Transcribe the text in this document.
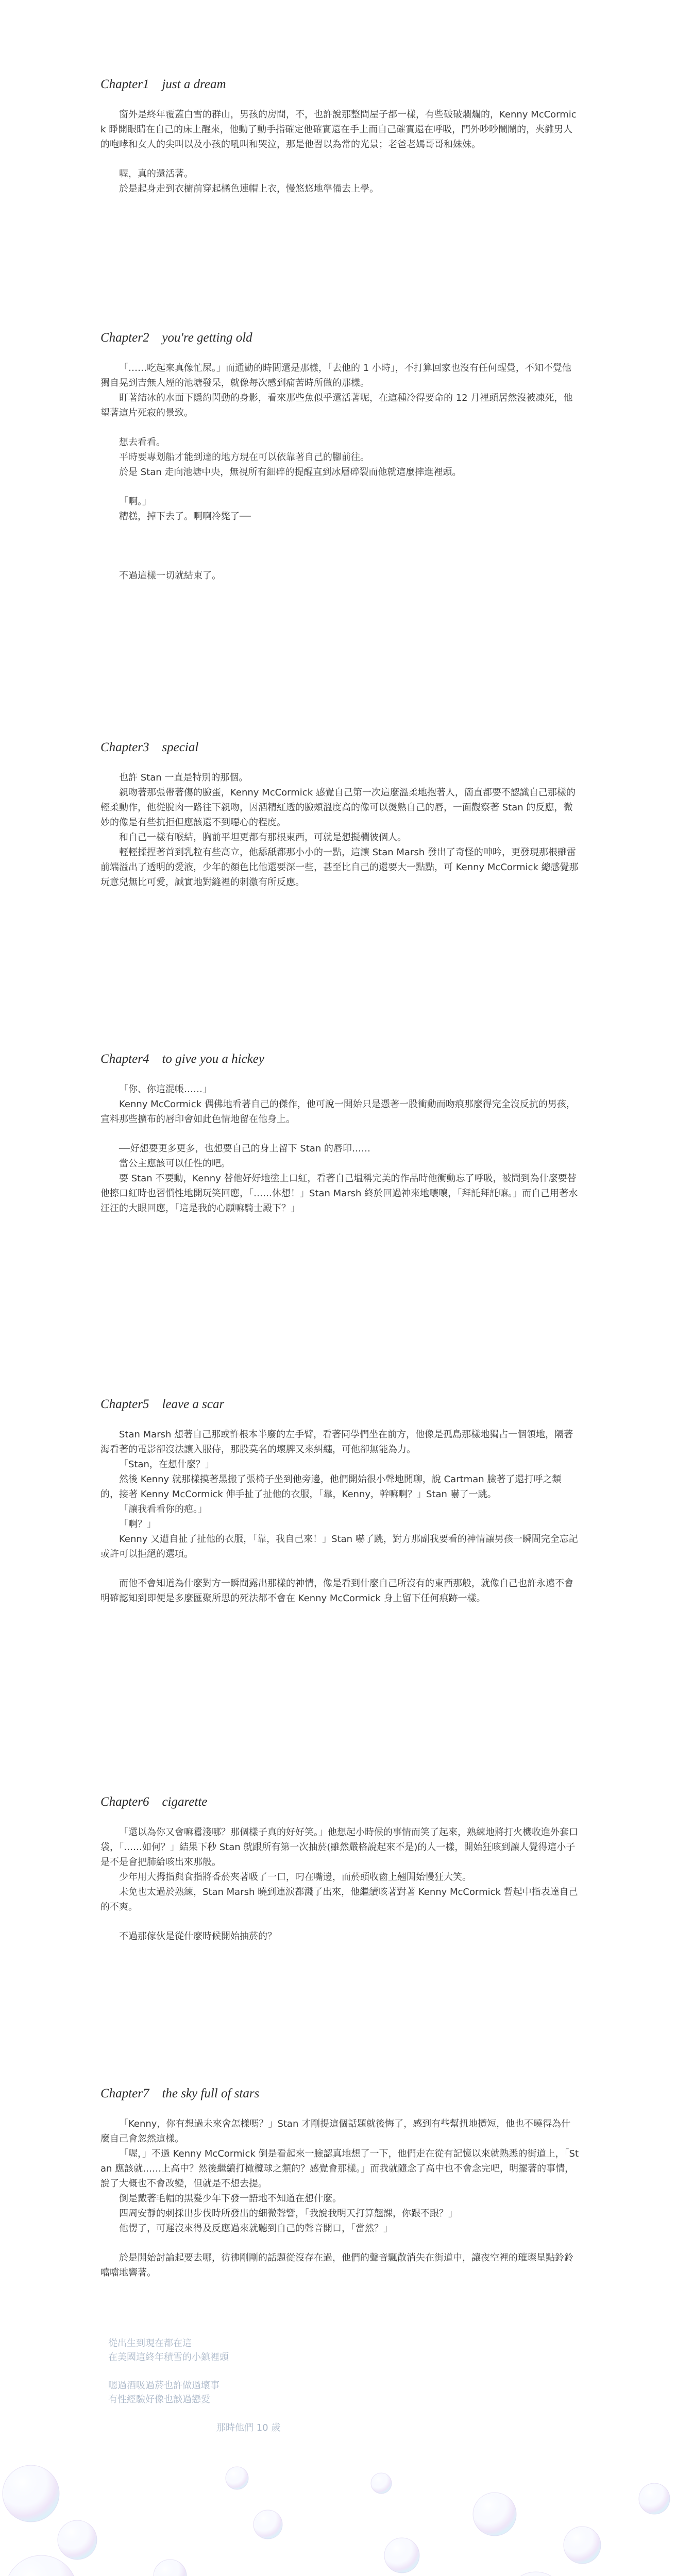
Chapter1    just a dream

窗外是終年覆蓋白雪的群山，男孩的房間，不，也許說那整間屋子都一樣，有些破破爛爛的，Kenny McCormick 睜開眼睛在自己的床上醒來，他動了動手指確定他確實還在手上而自己確實還在呼吸，門外吵吵鬧鬧的，夾雜男人的咆哮和女人的尖叫以及小孩的吼叫和哭泣，那是他習以為常的光景；老爸老媽哥哥和妹妹。

喔，真的還活著。

於是起身走到衣櫥前穿起橘色連帽上衣，慢悠悠地準備去上學。

Chapter2    you're getting old

「……吃起來真像忙屎。」而通勤的時間還是那樣，「去他的 1 小時」，不打算回家也沒有任何醒覺，不知不覺他獨自晃到吉無人煙的池塘發呆，就像每次感到痛苦時所做的那樣。

盯著結冰的水面下隱約閃動的身影，看來那些魚似乎還活著呢，在這種冷得要命的 12 月裡頭居然沒被凍死，他望著這片死寂的景致。

想去看看。

平時要專划船才能到達的地方現在可以依靠著自己的腳前往。

於是 Stan 走向池塘中央，無視所有細碎的提醒直到冰層碎裂而他就這麼摔進裡頭。

「啊。」

糟糕，掉下去了。啊啊冷斃了──

不過這樣一切就結束了。

Chapter3    special

也許 Stan 一直是特別的那個。

親吻著那張帶著傷的臉蛋，Kenny McCormick 感覺自己第一次這麼溫柔地抱著人，簡直都要不認識自己那樣的輕柔動作，他從脫肉一路往下親吻，因酒精紅透的臉頰溫度高的像可以燙熟自己的唇，一面觀察著 Stan 的反應，微妙的像是有些抗拒但應該還不到噁心的程度。

和自己一樣有喉結，胸前平坦更都有那根東西，可就是想擬欄彼個人。

輕輕揉捏著首到乳粒有些高立，他舔舐都那小小的一點，這讓 Stan Marsh 發出了奇怪的呻吟，更發現那根雖雷前端溢出了透明的愛液，少年的顏色比他還要深一些，甚至比自己的還要大一點點，可 Kenny McCormick 總感覺那玩意兒無比可愛，誠實地對縫裡的刺激有所反應。

Chapter4    to give you a hickey

「你、你這混帳……」

Kenny McCormick 偶佛地看著自己的傑作，他可說一開始只是憑著一股衝動而吻痕那麼得完全沒反抗的男孩，宣料那些擴布的唇印會如此色情地留在他身上。

──好想要更多更多，也想要自己的身上留下 Stan 的唇印……

當公主應該可以任性的吧。

要 Stan 不要動，Kenny 替他好好地塗上口紅，看著自己塭稱完美的作品時他衝動忘了呼吸，被問到為什麼要替他擦口紅時也習慣性地開玩笑回應，「……休想！」Stan Marsh 終於回過神來地嚷嚷，「拜託拜託嘛。」而自己用著水汪汪的大眼回應，「這是我的心願嘛騎士殿下？」

Chapter5    leave a scar

Stan Marsh 想著自己那或許根本半廢的左手臂，看著同學們坐在前方，他像是孤島那樣地獨占一個領地，隔著海看著的電影卻沒法讓入服侍，那股莫名的壞脾又來糾纏，可他卻無能為力。

「Stan，在想什麼？」

然後 Kenny 就那樣摸著黑搬了張椅子坐到他旁邊，他們開始很小聲地閒聊，說 Cartman 臉著了還打呼之類的，接著 Kenny McCormick 伸手扯了扯他的衣服，「靠，Kenny，幹嘛啊？」Stan 嚇了一跳。

「讓我看看你的疤。」

「啊？」

Kenny 又遭自扯了扯他的衣服，「靠，我自己來！」Stan 嚇了跳，對方那副我要看的神情讓男孩一瞬間完全忘記或許可以拒絕的選項。

而他不會知道為什麼對方一瞬間露出那樣的神情，像是看到什麼自己所沒有的東西那般，就像自己也許永遠不會明確認知到即便是多麼匯聚所思的死法都不會在 Kenny McCormick 身上留下任何痕跡一樣。

Chapter6    cigarette

「還以為你又會嘛囂淺哪？那個樣子真的好好笑。」他想起小時候的事情而笑了起來，熟練地將打火機收進外套口袋，「……如何？」結果下秒 Stan 就跟所有第一次抽菸(雖然嚴格說起來不是)的人一樣，開始狂咳到讓人覺得這小子是不是會把肺給咳出來那般。

少年用大拇指與食指將香菸夾著吸了一口，叼在嘴邊，而菸頭收齒上翹開始慢狂大笑。

未免也太過於熟練，Stan Marsh 曉到連淚都濺了出來，他繼續咳著對著 Kenny McCormick 暫起中指表達自己的不爽。

不過那傢伙是從什麼時候開始抽菸的？

Chapter7    the sky full of stars

「Kenny，你有想過未來會怎樣嗎？」Stan 才剛提這個話題就後悔了，感到有些幫扭地攬短，他也不曉得為什麼自己會忽然這樣。

「喔，」不過 Kenny McCormick 倒是看起來一臉認真地想了一下，他們走在從有記憶以來就熟悉的街道上，「Stan 應該就……上高中？然後繼續打橄欖球之類的？感覺會那樣。」而我就隨念了高中也不會念完吧，明擺著的事情，說了大概也不會改變，但就是不想去提。

倒是戴著毛帽的黑髮少年下發一語地不知道在想什麼。

四周安靜的刺採出步伐時所發出的細微聲響，「我說我明天打算翹課，你跟不跟？」

他愣了，可遲沒來得及反應過來就聽到自己的聲音開口，「當然？」

於是開始討論起要去哪，彷彿剛剛的話題從沒存在過，他們的聲音飄散消失在街道中，讓夜空裡的璀璨星點鈴鈴噹噹地響著。

從出生到現在都在這

在美國這終年積雪的小鎮裡頭

嗯過酒吸過菸也許做過壞事

有性經驗好像也談過戀愛

那時他們 10 歲
